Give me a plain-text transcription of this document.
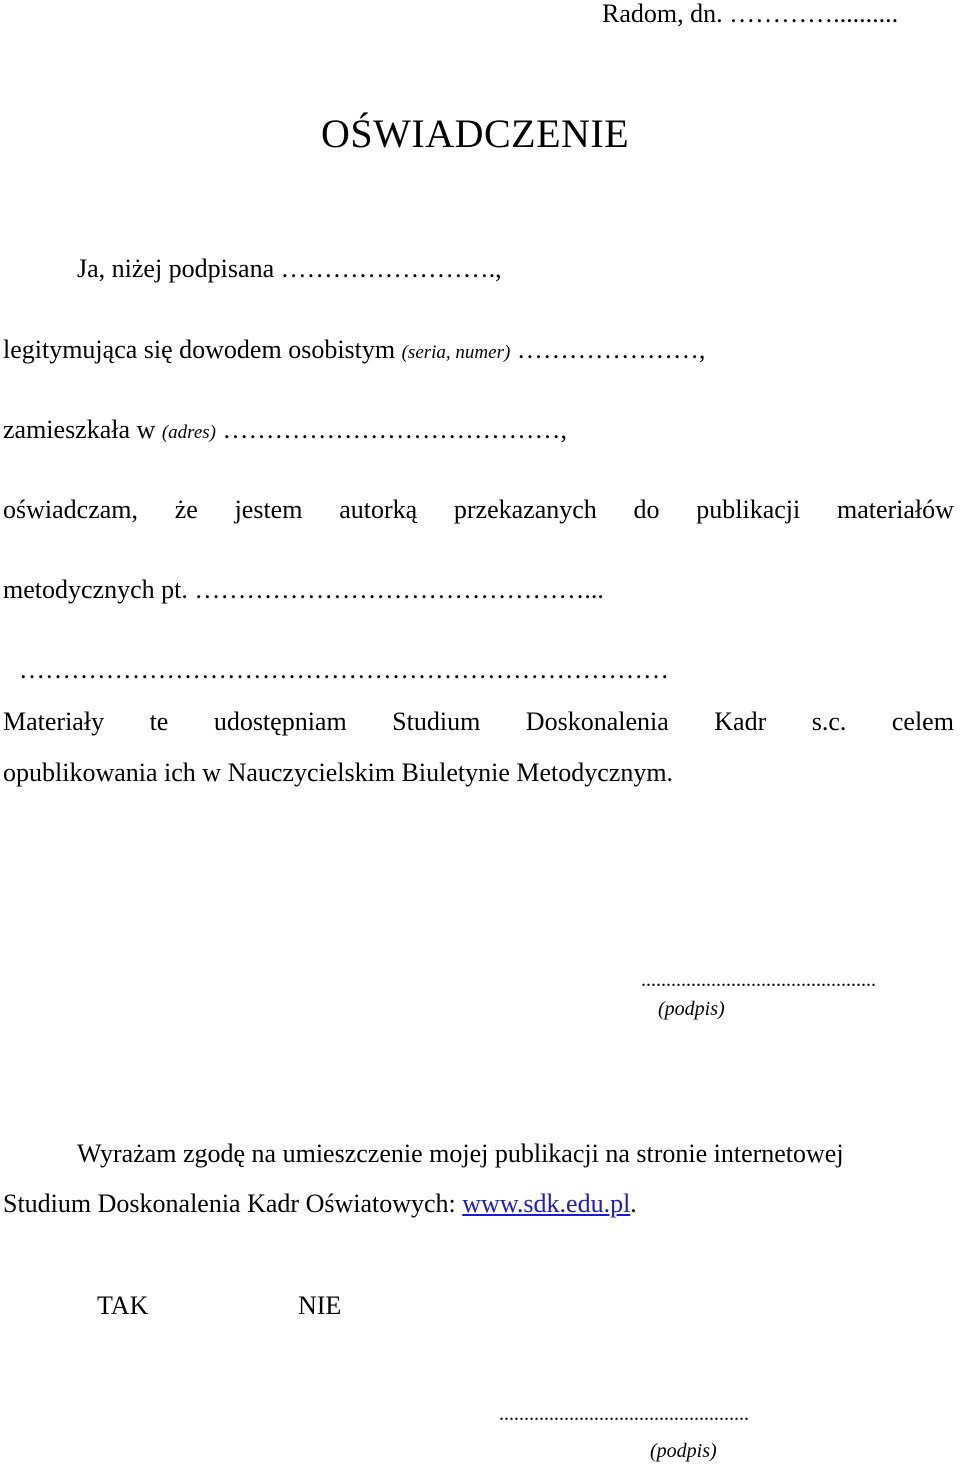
Radom, dn. …………..........
OŚWIADCZENIE
Ja, niżej podpisana …………………….,
legitymująca się dowodem osobistym (seria, numer) …………………,
zamieszkała w (adres) …………………………………,
oświadczam, że jestem autorką przekazanych do publikacji materiałów
metodycznych pt. ………………………………………...
…………………………………………………………………
Materiały te udostępniam Studium Doskonalenia Kadr s.c. celem
opublikowania ich w Nauczycielskim Biuletynie Metodycznym.
...............................................
(podpis)
Wyrażam zgodę na umieszczenie mojej publikacji na stronie internetowej
Studium Doskonalenia Kadr Oświatowych: www.sdk.edu.pl.
TAK	NIE
..................................................
(podpis)
